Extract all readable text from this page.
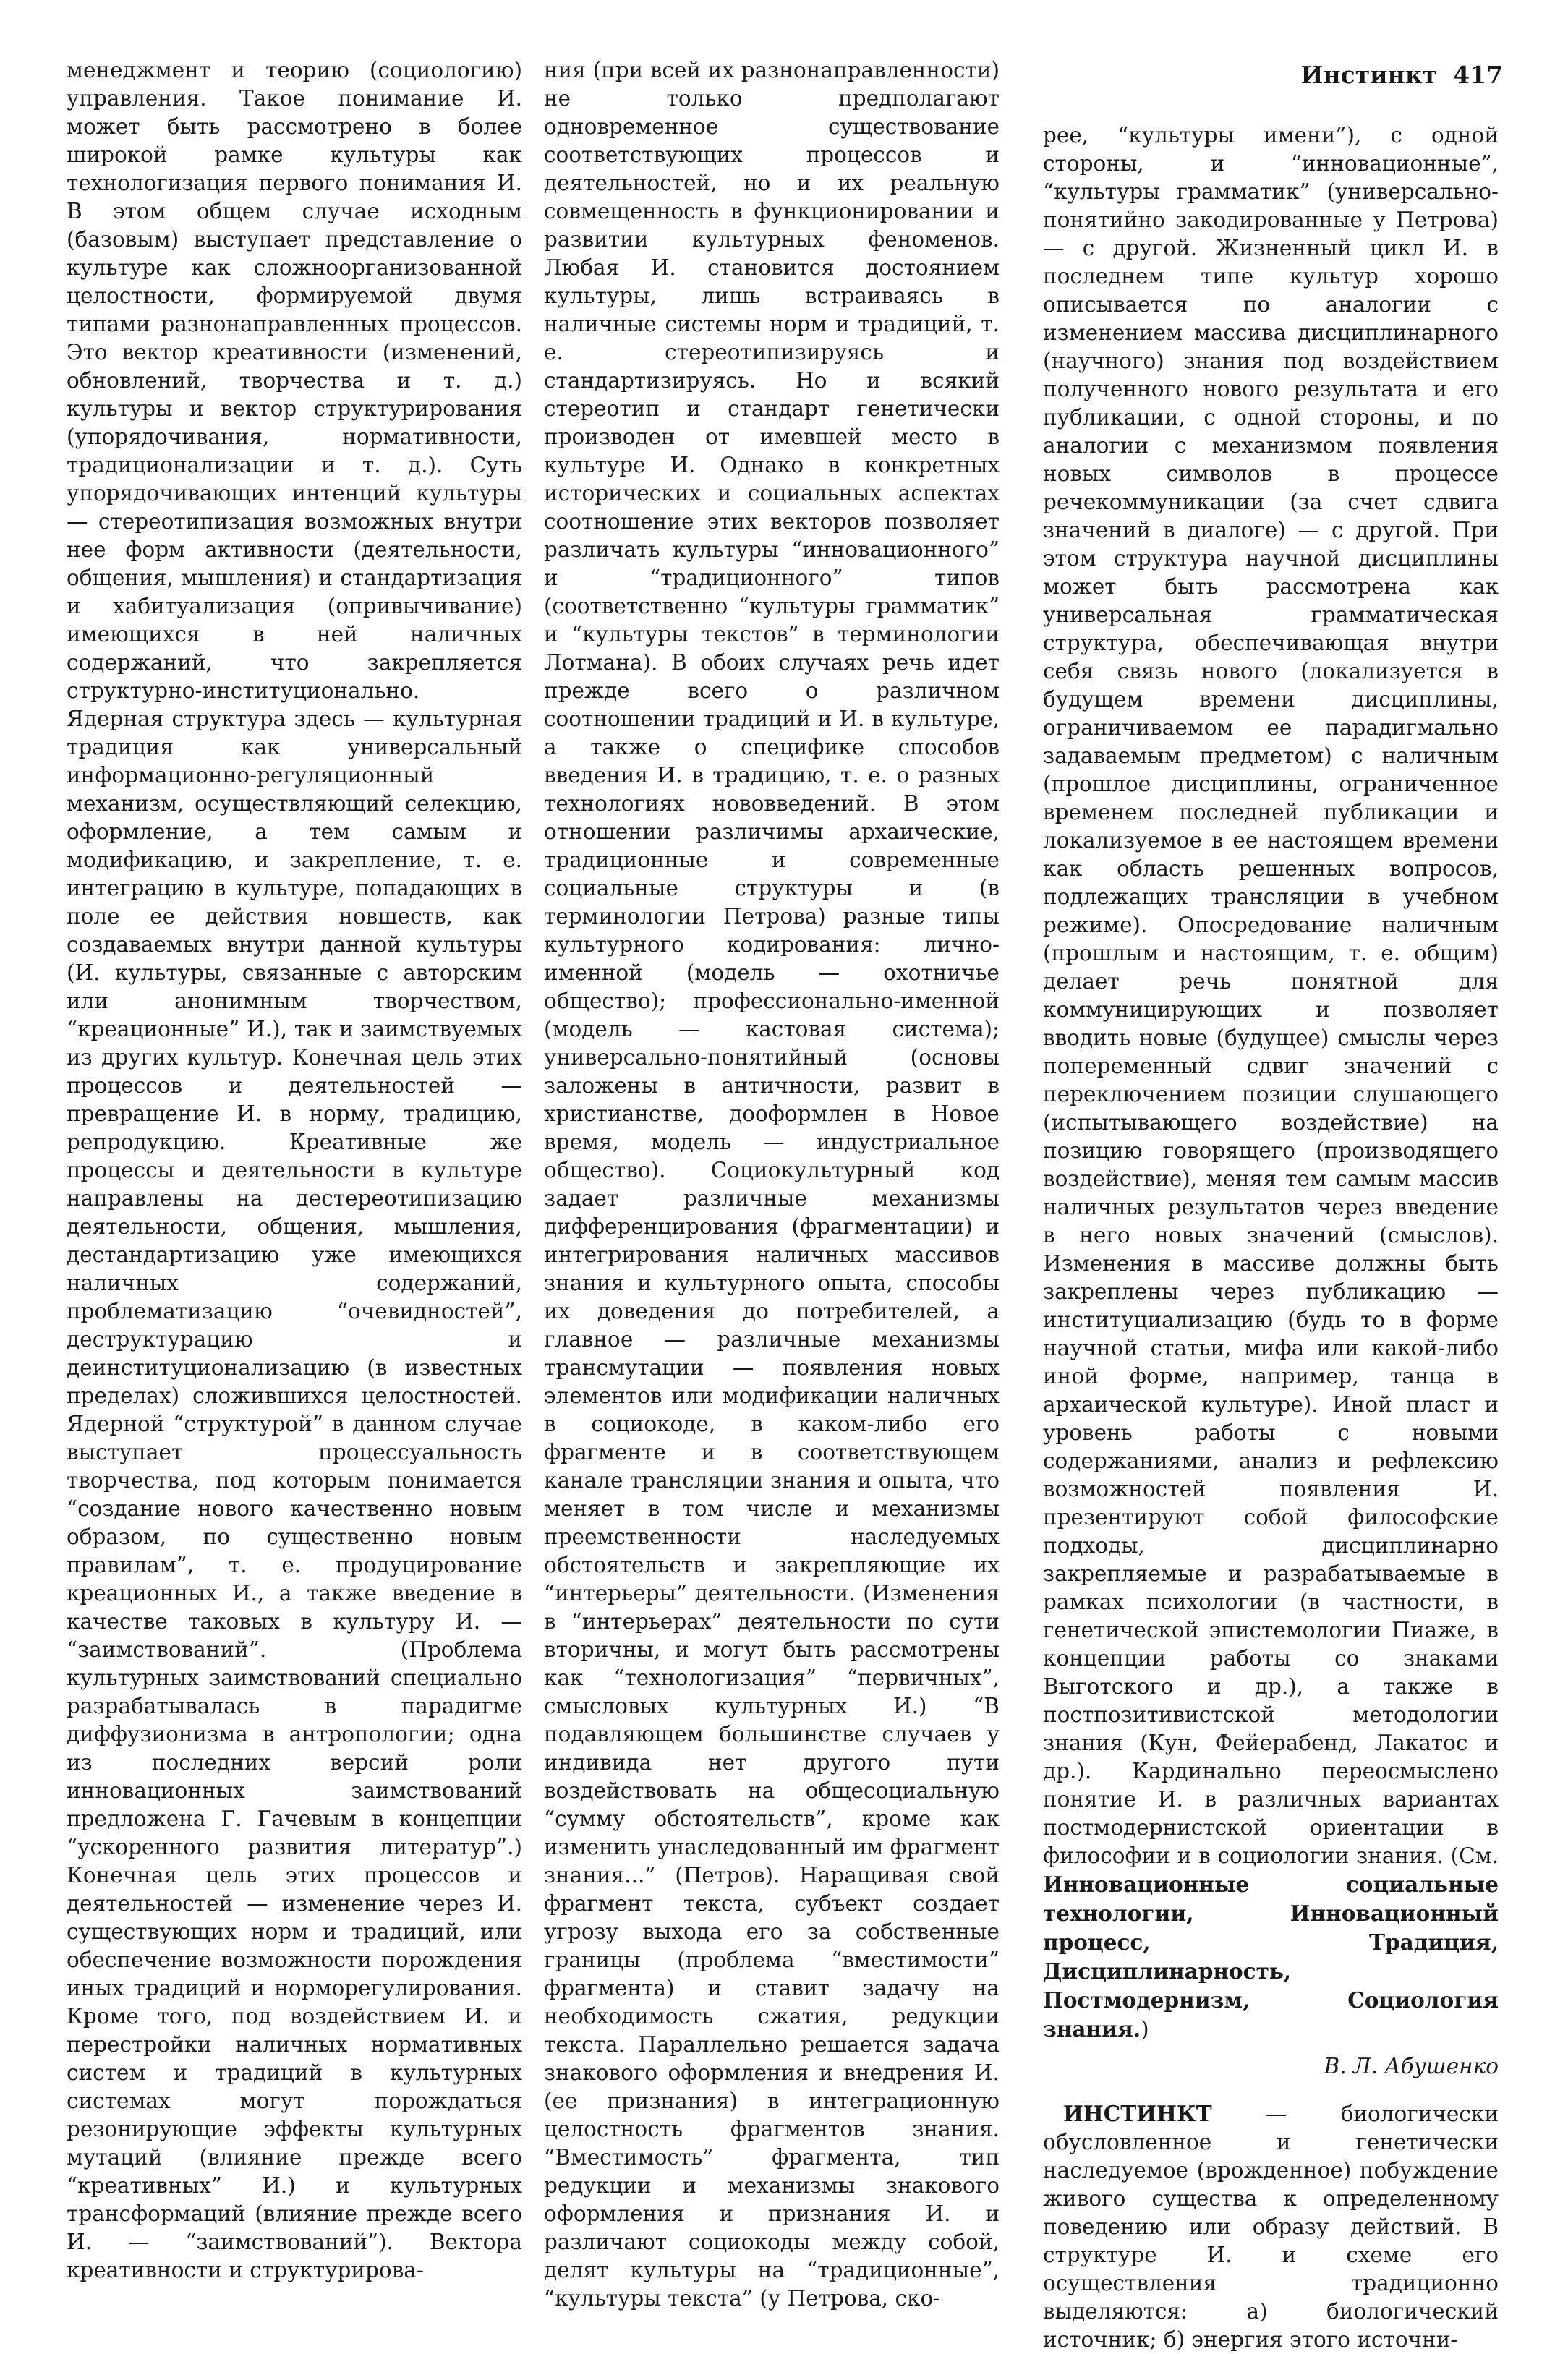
Инстинкт 417

менеджмент и теорию (социологию) управления. Такое понимание И. может быть рассмотрено в более широкой рамке культуры как технологизация первого понимания И. В этом общем случае исходным (базовым) выступает представление о культуре как сложноорганизованной целостности, формируемой двумя типами разнонаправленных процессов. Это вектор креативности (изменений, обновлений, творчества и т. д.) культуры и вектор структурирования (упорядочивания, нормативности, традиционализации и т. д.). Суть упорядочивающих интенций культуры — стереотипизация возможных внутри нее форм активности (деятельности, общения, мышления) и стандартизация и хабитуализация (опривычивание) имеющихся в ней наличных содержаний, что закрепляется структурно-институционально. Ядерная структура здесь — культурная традиция как универсальный информационно-регуляционный механизм, осуществляющий селекцию, оформление, а тем самым и модификацию, и закрепление, т. е. интеграцию в культуре, попадающих в поле ее действия новшеств, как создаваемых внутри данной культуры (И. культуры, связанные с авторским или анонимным творчеством, “креационные” И.), так и заимствуемых из других культур. Конечная цель этих процессов и деятельностей — превращение И. в норму, традицию, репродукцию. Креативные же процессы и деятельности в культуре направлены на дестереотипизацию деятельности, общения, мышления, дестандартизацию уже имеющихся наличных содержаний, проблематизацию “очевидностей”, деструктурацию и деинституционализацию (в известных пределах) сложившихся целостностей. Ядерной “структурой” в данном случае выступает процессуальность творчества, под которым понимается “создание нового качественно новым образом, по существенно новым правилам”, т. е. продуцирование креационных И., а также введение в качестве таковых в культуру И. — “заимствований”. (Проблема культурных заимствований специально разрабатывалась в парадигме диффузионизма в антропологии; одна из последних версий роли инновационных заимствований предложена Г. Гачевым в концепции “ускоренного развития литератур”.) Конечная цель этих процессов и деятельностей — изменение через И. существующих норм и традиций, или обеспечение возможности порождения иных традиций и норморегулирования. Кроме того, под воздействием И. и перестройки наличных нормативных систем и традиций в культурных системах могут порождаться резонирующие эффекты культурных мутаций (влияние прежде всего “креативных” И.) и культурных трансформаций (влияние прежде всего И. — “заимствований”). Вектора креативности и структурирова-

ния (при всей их разнонаправленности) не только предполагают одновременное существование соответствующих процессов и деятельностей, но и их реальную совмещенность в функционировании и развитии культурных феноменов. Любая И. становится достоянием культуры, лишь встраиваясь в наличные системы норм и традиций, т. е. стереотипизируясь и стандартизируясь. Но и всякий стереотип и стандарт генетически производен от имевшей место в культуре И. Однако в конкретных исторических и социальных аспектах соотношение этих векторов позволяет различать культуры “инновационного” и “традиционного” типов (соответственно “культуры грамматик” и “культуры текстов” в терминологии Лотмана). В обоих случаях речь идет прежде всего о различном соотношении традиций и И. в культуре, а также о специфике способов введения И. в традицию, т. е. о разных технологиях нововведений. В этом отношении различимы архаические, традиционные и современные социальные структуры и (в терминологии Петрова) разные типы культурного кодирования: лично-именной (модель — охотничье общество); профессионально-именной (модель — кастовая система); универсально-понятийный (основы заложены в античности, развит в христианстве, дооформлен в Новое время, модель — индустриальное общество). Социокультурный код задает различные механизмы дифференцирования (фрагментации) и интегрирования наличных массивов знания и культурного опыта, способы их доведения до потребителей, а главное — различные механизмы трансмутации — появления новых элементов или модификации наличных в социокоде, в каком-либо его фрагменте и в соответствующем канале трансляции знания и опыта, что меняет в том числе и механизмы преемственности наследуемых обстоятельств и закрепляющие их “интерьеры” деятельности. (Изменения в “интерьерах” деятельности по сути вторичны, и могут быть рассмотрены как “технологизация” “первичных”, смысловых культурных И.) “В подавляющем большинстве случаев у индивида нет другого пути воздействовать на общесоциальную “сумму обстоятельств”, кроме как изменить унаследованный им фрагмент знания...” (Петров). Наращивая свой фрагмент текста, субъект создает угрозу выхода его за собственные границы (проблема “вместимости” фрагмента) и ставит задачу на необходимость сжатия, редукции текста. Параллельно решается задача знакового оформления и внедрения И. (ее признания) в интеграционную целостность фрагментов знания. “Вместимость” фрагмента, тип редукции и механизмы знакового оформления и признания И. и различают социокоды между собой, делят культуры на “традиционные”, “культуры текста” (у Петрова, ско-

рее, “культуры имени”), с одной стороны, и “инновационные”, “культуры грамматик” (универсально-понятийно закодированные у Петрова) — с другой. Жизненный цикл И. в последнем типе культур хорошо описывается по аналогии с изменением массива дисциплинарного (научного) знания под воздействием полученного нового результата и его публикации, с одной стороны, и по аналогии с механизмом появления новых символов в процессе речекоммуникации (за счет сдвига значений в диалоге) — с другой. При этом структура научной дисциплины может быть рассмотрена как универсальная грамматическая структура, обеспечивающая внутри себя связь нового (локализуется в будущем времени дисциплины, ограничиваемом ее парадигмально задаваемым предметом) с наличным (прошлое дисциплины, ограниченное временем последней публикации и локализуемое в ее настоящем времени как область решенных вопросов, подлежащих трансляции в учебном режиме). Опосредование наличным (прошлым и настоящим, т. е. общим) делает речь понятной для коммуницирующих и позволяет вводить новые (будущее) смыслы через попеременный сдвиг значений с переключением позиции слушающего (испытывающего воздействие) на позицию говорящего (производящего воздействие), меняя тем самым массив наличных результатов через введение в него новых значений (смыслов). Изменения в массиве должны быть закреплены через публикацию — институциализацию (будь то в форме научной статьи, мифа или какой-либо иной форме, например, танца в архаической культуре). Иной пласт и уровень работы с новыми содержаниями, анализ и рефлексию возможностей появления И. презентируют собой философские подходы, дисциплинарно закрепляемые и разрабатываемые в рамках психологии (в частности, в генетической эпистемологии Пиаже, в концепции работы со знаками Выготского и др.), а также в постпозитивистской методологии знания (Кун, Фейерабенд, Лакатос и др.). Кардинально переосмыслено понятие И. в различных вариантах постмодернистской ориентации в философии и в социологии знания. (См. Инновационные социальные технологии, Инновационный процесс, Традиция, Дисциплинарность, Постмодернизм, Социология знания.)

В. Л. Абушенко

ИНСТИНКТ — биологически обусловленное и генетически наследуемое (врожденное) побуждение живого существа к определенному поведению или образу действий. В структуре И. и схеме его осуществления традиционно выделяются: а) биологический источник; б) энергия этого источни-
